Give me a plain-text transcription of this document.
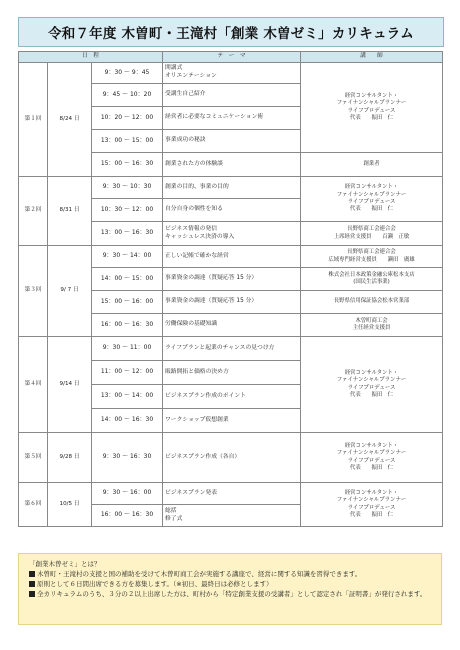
令和７年度 木曽町・王滝村「創業 木曽ゼミ」カリキュラム
日　程			テ　ー　マ	講　　師
第１回	8/24 日	9：30 〜 9：45	開講式
オリエンテーション	経営コンサルタント・
ファイナンシャルプランナー
ライフプロデュース
代表　　振田　仁

		9：45 〜 10：20	受講生自己紹介	
		10：20 〜 12：00	経営者に必要なコミュニケーション術	
		13：00 〜 15：00	事業成功の秘訣	
		15：00 〜 16：30	創業された方の体験談	創業者
第２回	8/31 日	9：30 〜 10：30	創業の目的、事業の目的	経営コンサルタント・
ファイナンシャルプランナー
ライフプロデュース
代表　　振田　仁

		10：30 〜 12：00	自分自身の個性を知る	
		13：00 〜 16：30	ビジネス情報の発信
キャッシュレス決済の導入	長野県商工会連合会
上席経営支援員　　百瀬　正敏

第３回	9/ 7 日	9：30 〜 14：00	正しい記帳で確かな経営	長野県商工会連合会
広域専門経営支援員　　瀬田　廣雄

		14：00 〜 15：00	事業資金の調達（質疑応答 15 分）	株式会社日本政策金融公庫松本支店
(国民生活事業)

		15：00 〜 16：00	事業資金の調達（質疑応答 15 分）	長野県信用保証協会松本営業部
		16：00 〜 16：30	労働保険の基礎知識	木曽町商工会
主任経営支援員

第４回	9/14 日	9：30 〜 11：00	ライフプランと起業のチャンスの見つけ方	経営コンサルタント・
ファイナンシャルプランナー
ライフプロデュース
代表　　振田　仁

		11：00 〜 12：00	販路開拓と価格の決め方	
		13：00 〜 14：00	ビジネスプラン作成のポイント	
		14：00 〜 16：30	ワークショップ仮想創業	
第５回	9/28 日	9：30 〜 16：30	ビジネスプラン作成（各自）	経営コンサルタント・
ファイナンシャルプランナー
ライフプロデュース
代表　　振田　仁

第６回	10/5 日	9：30 〜 16：00	ビジネスプラン発表	経営コンサルタント・
ファイナンシャルプランナー
ライフプロデュース
代表　　振田　仁

		16：00 〜 16：30	総括
修了式	
「創業木曽ゼミ」とは？
木曽町・王滝村の支援と国の補助を受けて木曽町商工会が実施する講座で、経営に関する知識を習得できます。
原則として６日間出席できる方を募集します。（※初日、最終日は必修とします）
全カリキュラムのうち、３分の２以上出席した方は、町村から「特定創業支援の受講者」として認定され「証明書」が発行されます。
